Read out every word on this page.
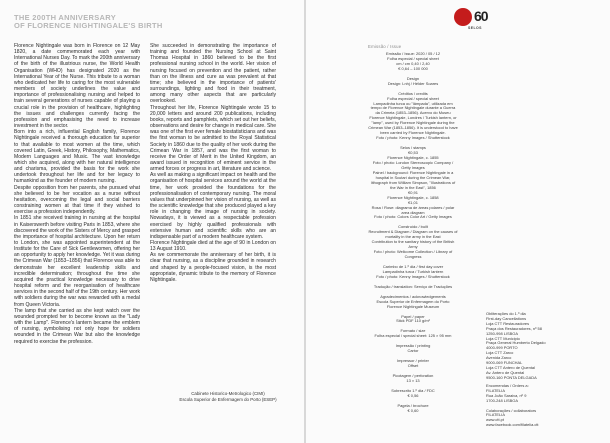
THE 200TH ANNIVERSARY
OF FLORENCE NIGHTINGALE'S BIRTH
Florence Nightingale was born in Florence on 12 May 1820, a date commemorated each year with International Nurses Day. To mark the 200th anniversary of the birth of the illustrious nurse, the World Health Organisation (WHO) has designated 2020 as the International Year of the Nurse. This tribute to a woman who dedicated her life to caring for the most vulnerable members of society underlines the value and importance of professionalising nursing and helped to train several generations of nurses capable of playing a crucial role in the provision of healthcare, highlighting the issues and challenges currently facing the profession and emphasising the need to increase investment in the sector.
Born into a rich, influential English family, Florence Nightingale received a thorough education far superior to that available to most women at the time, which covered Latin, Greek, History, Philosophy, Mathematics, Modern Languages and Music. The vast knowledge which she acquired, along with her natural intelligence and charisma, provided the basis for the work she undertook throughout her life and for her legacy to humankind as the founder of modern nursing.
Despite opposition from her parents, she pursued what she believed to be her vocation as a nurse without hesitation, overcoming the legal and social barriers constraining women at that time if they wished to exercise a profession independently.
In 1851 she received training in nursing at the hospital in Kaiserswerth before visiting Paris in 1853, where she discovered the work of the Sisters of Mercy and grasped the importance of hospital architecture. Upon her return to London, she was appointed superintendent at the Institute for the Care of Sick Gentlewomen, offering her an opportunity to apply her knowledge. Yet it was during the Crimean War (1853–1856) that Florence was able to demonstrate her excellent leadership skills and incredible determination; throughout the time she acquired the practical knowledge necessary to drive hospital reform and the reorganisation of healthcare services in the second half of the 19th century. Her work with soldiers during the war was rewarded with a medal from Queen Victoria.
The lamp that she carried as she kept watch over the wounded prompted her to become known as the "Lady with the Lamp". Florence's lantern became the emblem of nursing, symbolising not only hope for soldiers wounded in the Crimean War but also the knowledge required to exercise the profession.
She succeeded in demonstrating the importance of training and founded the Nursing School at Saint Thomas Hospital in 1860 believed to be the first professional nursing school in the world. Her vision of nursing focused on prevention and the patient, rather than on the illness and cure as was prevalent at that time; she believed in the importance of patients' surroundings, lighting and food in their treatment, among many other aspects that are particularly overlooked.
Throughout her life, Florence Nightingale wrote 15 to 20,000 letters and around 200 publications, including books, reports and pamphlets, which set out her beliefs, observations and desire for change in medical care. She was one of the first ever female biostatisticians and was the first woman to be admitted to the Royal Statistical Society in 1860 due to the quality of her work during the Crimean War in 1857, and was the first woman to receive the Order of Merit in the United Kingdom, an award issued in recognition of eminent service in the armed forces or progress in art, literature and science.
As well as making a significant impact on health and the organisation of hospital services around the world at the time, her work provided the foundations for the professionalisation of contemporary nursing. The moral values that underpinned her vision of nursing, as well as the scientific knowledge that she produced played a key role in changing the image of nursing in society. Nowadays, it is viewed as a respectable profession exercised by highly qualified professionals with extensive human and scientific skills who are an indispensable part of a modern healthcare system.
Florence Nightingale died at the age of 90 in London on 13 August 1910.
As we commemorate the anniversary of her birth, it is clear that nursing, as a discipline grounded in research and shaped by a people-focused vision, is the most appropriate, dynamic tribute to the memory of Florence Nightingale.
Cabinete Historico-Metrologico (CIMI)
Escola Superior de Enfermagem do Porto (ESEP)
60
SELOS
Emissão / Issue
Emissão / Issue: 2020 / 05 / 12
Folha especial / special sheet
cm / cm 0,40 / 2,40
€ 0,64 – 100 000

Design
Design: Lnhj / Hélder Soares

Créditos / credits
Folha especial / special sheet
Lampadinha turca ou "lâmpada", utilizada em tempo de Florence Nightingale durante a Guerra da Crimeia (1853–1856). Acervo do Museu Florence Nightingale, Londres / Turkish lantern, or "lamp", used by Florence Nightingale during the Crimean War (1853–1856). It is understood to have been carried by Florence Nightingale.
Foto / photo: Kenny Images / Shutterstock

Selos / stamps
€0,53
Florence Nightingale, c. 1855
Foto / photo: London Stereoscopic Company / Getty Images
Painel / background: Florence Nightingale in a hospital in Scutari during the Crimean War, lithograph from William Simpson, "Illustrations of the War in the East", 1856
€0,91
Florence Nightingale, c. 1858
€1,01
Rosa / Rose: diagrama de áreas polares / polar area diagram
Foto / photo: Colors Color Art / Getty Images

Construído / built
Recruitment & Diagram / Diagram on the causes of mortality in the army in the East
Contribution to the sanitary history of the British Army
Foto / photo: Wellcome Collection / Library of Congress

Carimbo de 1.º dia / first day cover
Lampadinha turca / Turkish lantern
Foto / photo: Kenny Images / Shutterstock

Tradução / translation: Serviço de Traduções

Agradecimentos / acknowledgements
Escola Superior de Enfermagem do Porto
Florence Nightingale Museum

Papel / paper
Stick PDF 110 g/m²

Formato / size
Folha especial / special sheet: 125 × 95 mm

Impressão / printing
Cartor

Impressor / printer
Offset

Picotagem / perforation
13 × 13

Sobrescrito 1.º dia / FDC
€ 0,56

Pagela / brochure
€ 0,60
Obliterações do 1.º dia
First-day Cancellations
Loja CTT Restauradores
Praça dos Restauradores, nº 58
1250-998 LISBOA
Loja CTT Municipio
Praça General Humberto Delgado
4000-999 PORTO
Loja CTT Zarco
Avenida Zarco
9000-069 FUNCHAL
Loja CTT Antero de Quental
Av. Antero de Quental
9500-160 PONTA DELGADA
Encomendas / Orders a:
FILATELIA
Rua João Saraiva, nº 9
1700-248 LISBOA

Colaborações / collaborators
FILATELIA
www.ctt.pt
www.facebook.com/filatelia.ctt
